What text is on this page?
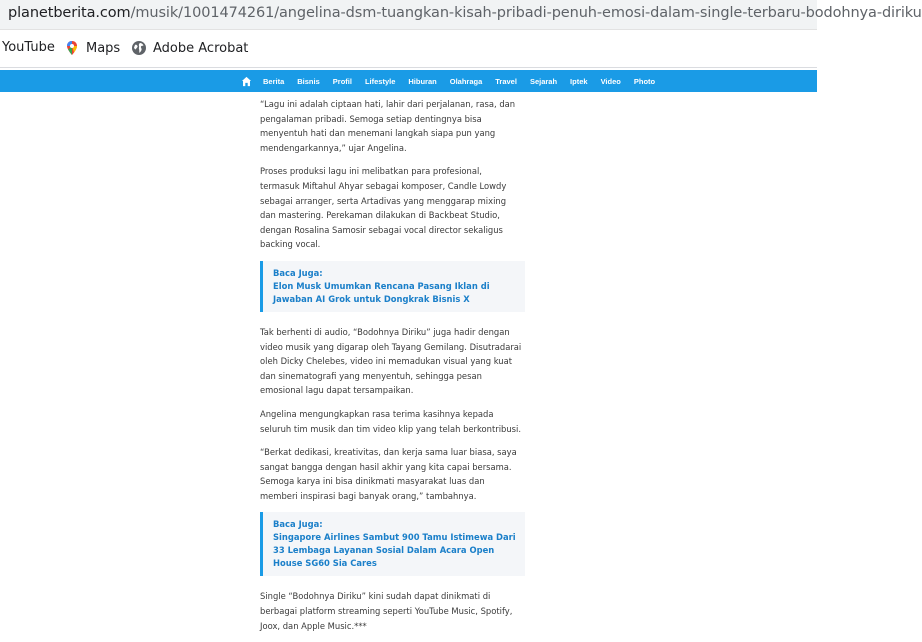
planetberita.com/musik/1001474261/angelina-dsm-tuangkan-kisah-pribadi-penuh-emosi-dalam-single-terbaru-bodohnya-diriku
YouTube Maps	Adobe Acrobat
Berita Bisnis Profil Lifestyle Hiburan Olahraga Travel Sejarah Iptek Video Photo

“Lagu ini adalah ciptaan hati, lahir dari perjalanan, rasa, dan pengalaman pribadi. Semoga setiap dentingnya bisa menyentuh hati dan menemani langkah siapa pun yang mendengarkannya,” ujar Angelina.

Proses produksi lagu ini melibatkan para profesional, termasuk Miftahul Ahyar sebagai komposer, Candle Lowdy sebagai arranger, serta Artadivas yang menggarap mixing dan mastering. Perekaman dilakukan di Backbeat Studio, dengan Rosalina Samosir sebagai vocal director sekaligus backing vocal.

Baca Juga:
Elon Musk Umumkan Rencana Pasang Iklan di Jawaban AI Grok untuk Dongkrak Bisnis X

Tak berhenti di audio, “Bodohnya Diriku” juga hadir dengan video musik yang digarap oleh Tayang Gemilang. Disutradarai oleh Dicky Chelebes, video ini memadukan visual yang kuat dan sinematografi yang menyentuh, sehingga pesan emosional lagu dapat tersampaikan.

Angelina mengungkapkan rasa terima kasihnya kepada seluruh tim musik dan tim video klip yang telah berkontribusi.

“Berkat dedikasi, kreativitas, dan kerja sama luar biasa, saya sangat bangga dengan hasil akhir yang kita capai bersama. Semoga karya ini bisa dinikmati masyarakat luas dan memberi inspirasi bagi banyak orang,” tambahnya.

Baca Juga:
Singapore Airlines Sambut 900 Tamu Istimewa Dari 33 Lembaga Layanan Sosial Dalam Acara Open House SG60 Sia Cares

Single “Bodohnya Diriku” kini sudah dapat dinikmati di berbagai platform streaming seperti YouTube Music, Spotify, Joox, dan Apple Music.***
